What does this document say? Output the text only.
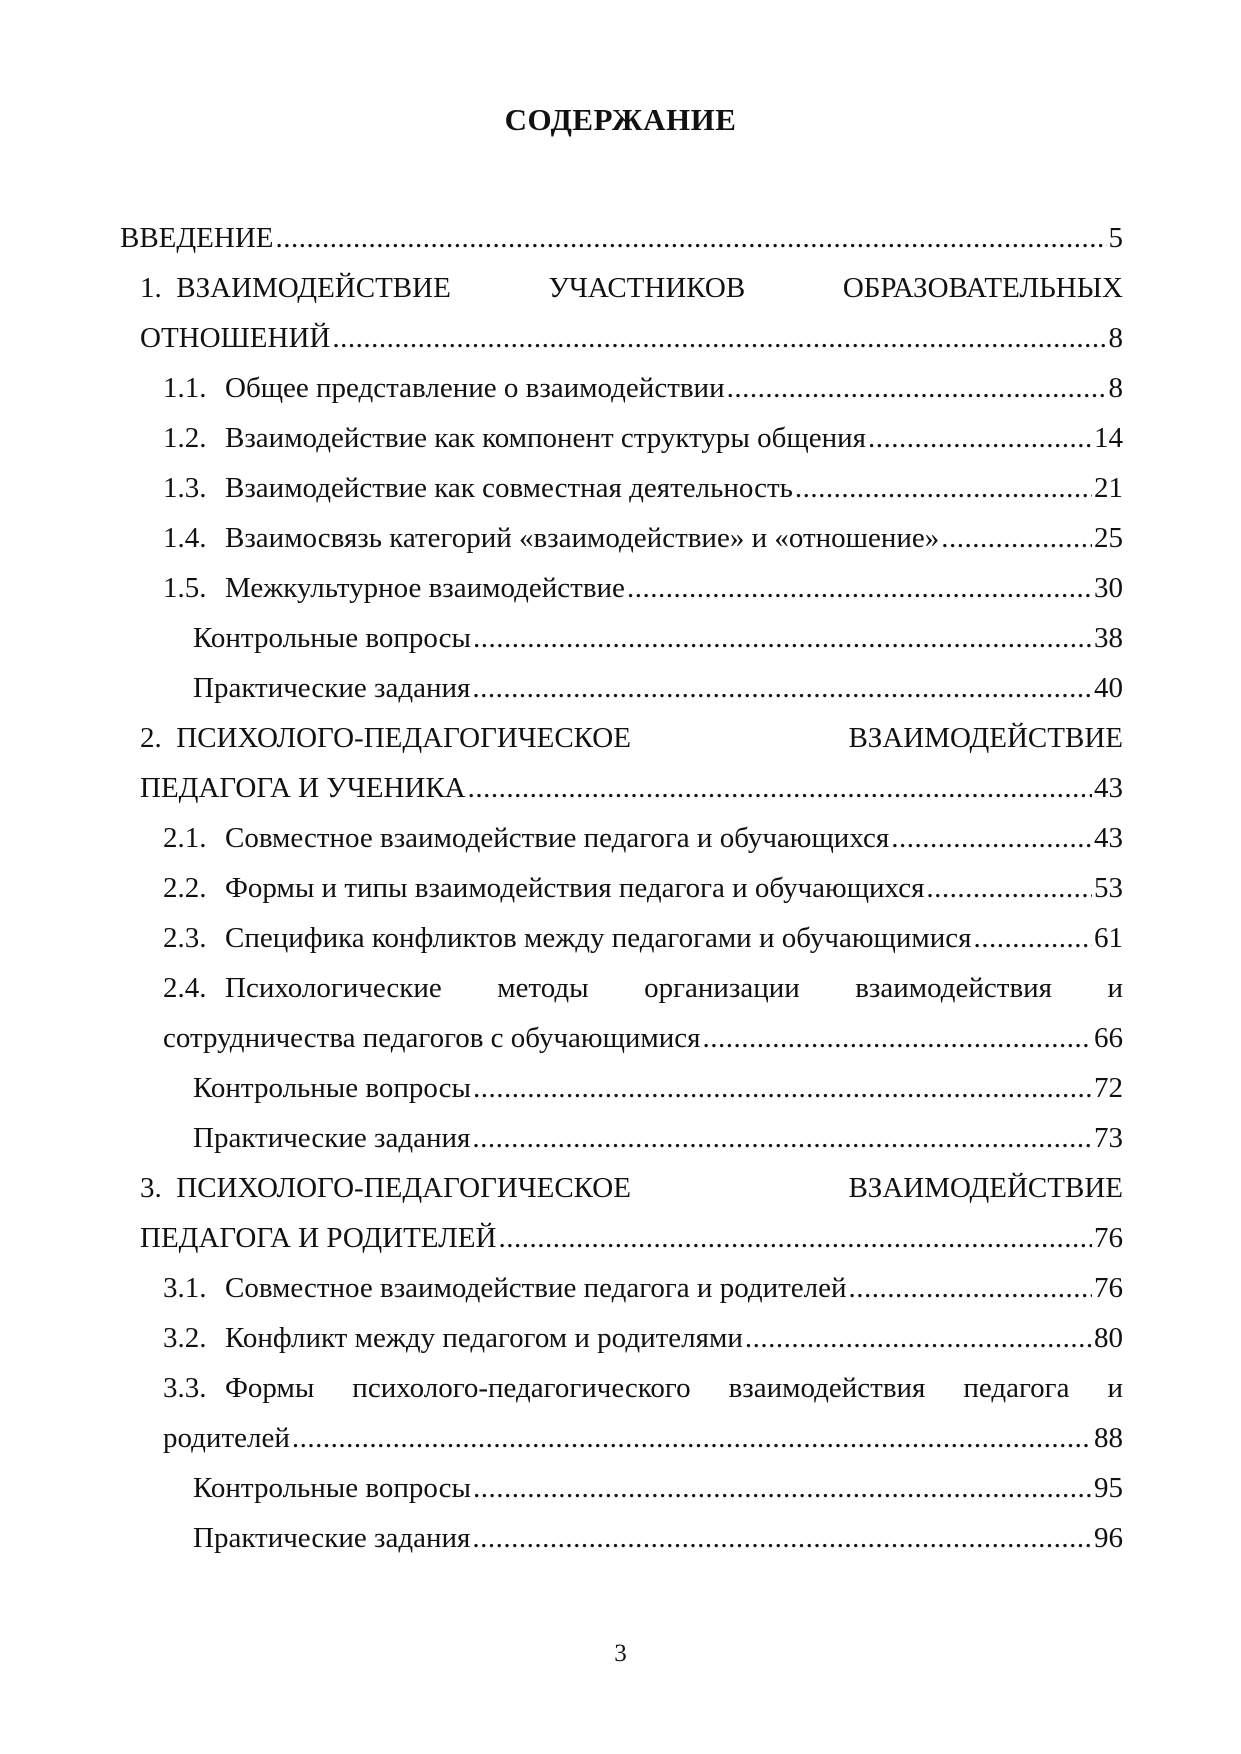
СОДЕРЖАНИЕ
ВВЕДЕНИЕ .....	5
1. ВЗАИМОДЕЙСТВИЕ	УЧАСТНИКОВ	ОБРАЗОВАТЕЛЬНЫХ
ОТНОШЕНИЙ .....	8
1.1. Общее представление о взаимодействии .....	8
1.2. Взаимодействие как компонент структуры общения .....	14
1.3. Взаимодействие как совместная деятельность .....	21
1.4. Взаимосвязь категорий «взаимодействие» и «отношение» .....	25
1.5. Межкультурное взаимодействие .....	30
Контрольные вопросы .....	38
Практические задания .....	40
2. ПСИХОЛОГО-ПЕДАГОГИЧЕСКОЕ	ВЗАИМОДЕЙСТВИЕ
ПЕДАГОГА И УЧЕНИКА .....	43
2.1. Совместное взаимодействие педагога и обучающихся .....	43
2.2. Формы и типы взаимодействия педагога и обучающихся .....	53
2.3. Специфика конфликтов между педагогами и обучающимися .....	61
2.4. Психологические методы организации взаимодействия и
сотрудничества педагогов с обучающимися .....	66
Контрольные вопросы .....	72
Практические задания .....	73
3. ПСИХОЛОГО-ПЕДАГОГИЧЕСКОЕ	ВЗАИМОДЕЙСТВИЕ
ПЕДАГОГА И РОДИТЕЛЕЙ .....	76
3.1. Совместное взаимодействие педагога и родителей .....	76
3.2. Конфликт между педагогом и родителями .....	80
3.3. Формы психолого-педагогического взаимодействия педагога и
родителей .....	88
Контрольные вопросы .....	95
Практические задания .....	96
3
